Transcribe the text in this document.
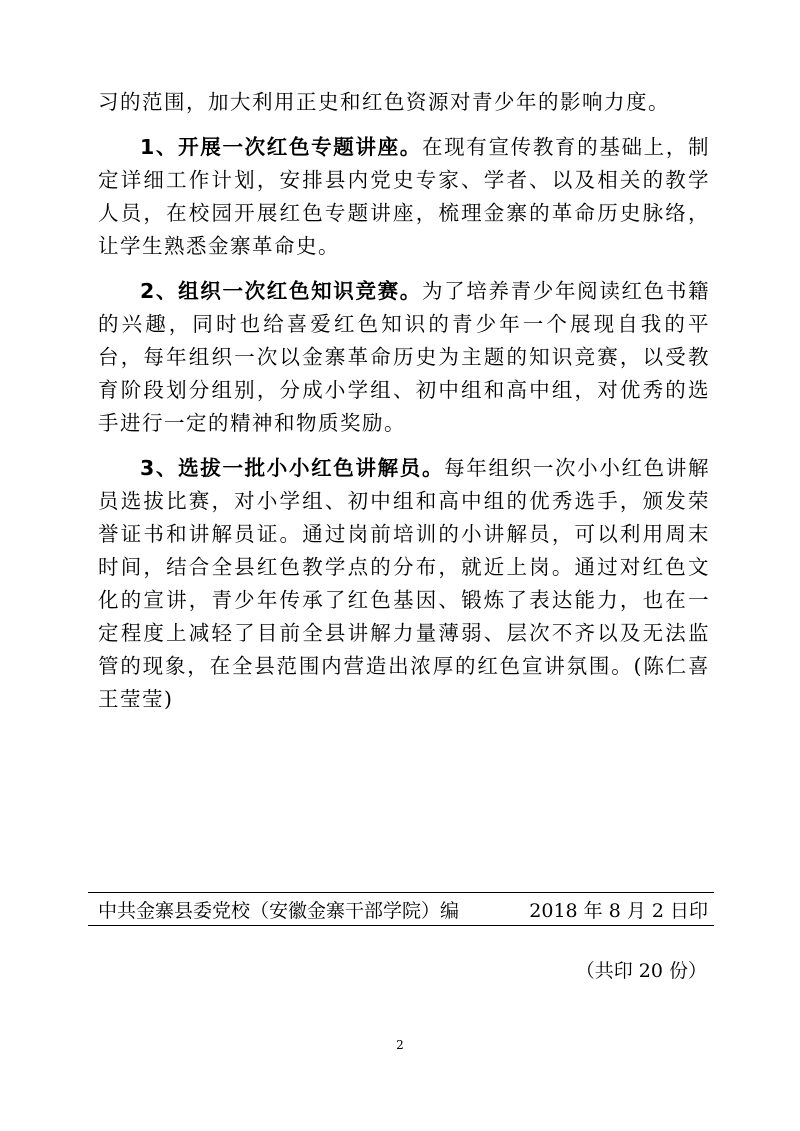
习的范围，加大利用正史和红色资源对青少年的影响力度。

1、开展一次红色专题讲座。在现有宣传教育的基础上，制定详细工作计划，安排县内党史专家、学者、以及相关的教学人员，在校园开展红色专题讲座，梳理金寨的革命历史脉络，让学生熟悉金寨革命史。

2、组织一次红色知识竞赛。为了培养青少年阅读红色书籍的兴趣，同时也给喜爱红色知识的青少年一个展现自我的平台，每年组织一次以金寨革命历史为主题的知识竞赛，以受教育阶段划分组别，分成小学组、初中组和高中组，对优秀的选手进行一定的精神和物质奖励。

3、选拔一批小小红色讲解员。每年组织一次小小红色讲解员选拔比赛，对小学组、初中组和高中组的优秀选手，颁发荣誉证书和讲解员证。通过岗前培训的小讲解员，可以利用周末时间，结合全县红色教学点的分布，就近上岗。通过对红色文化的宣讲，青少年传承了红色基因、锻炼了表达能力，也在一定程度上减轻了目前全县讲解力量薄弱、层次不齐以及无法监管的现象，在全县范围内营造出浓厚的红色宣讲氛围。(陈仁喜 王莹莹)

中共金寨县委党校（安徽金寨干部学院）编	2018 年 8 月 2 日印
（共印 20 份）
2
